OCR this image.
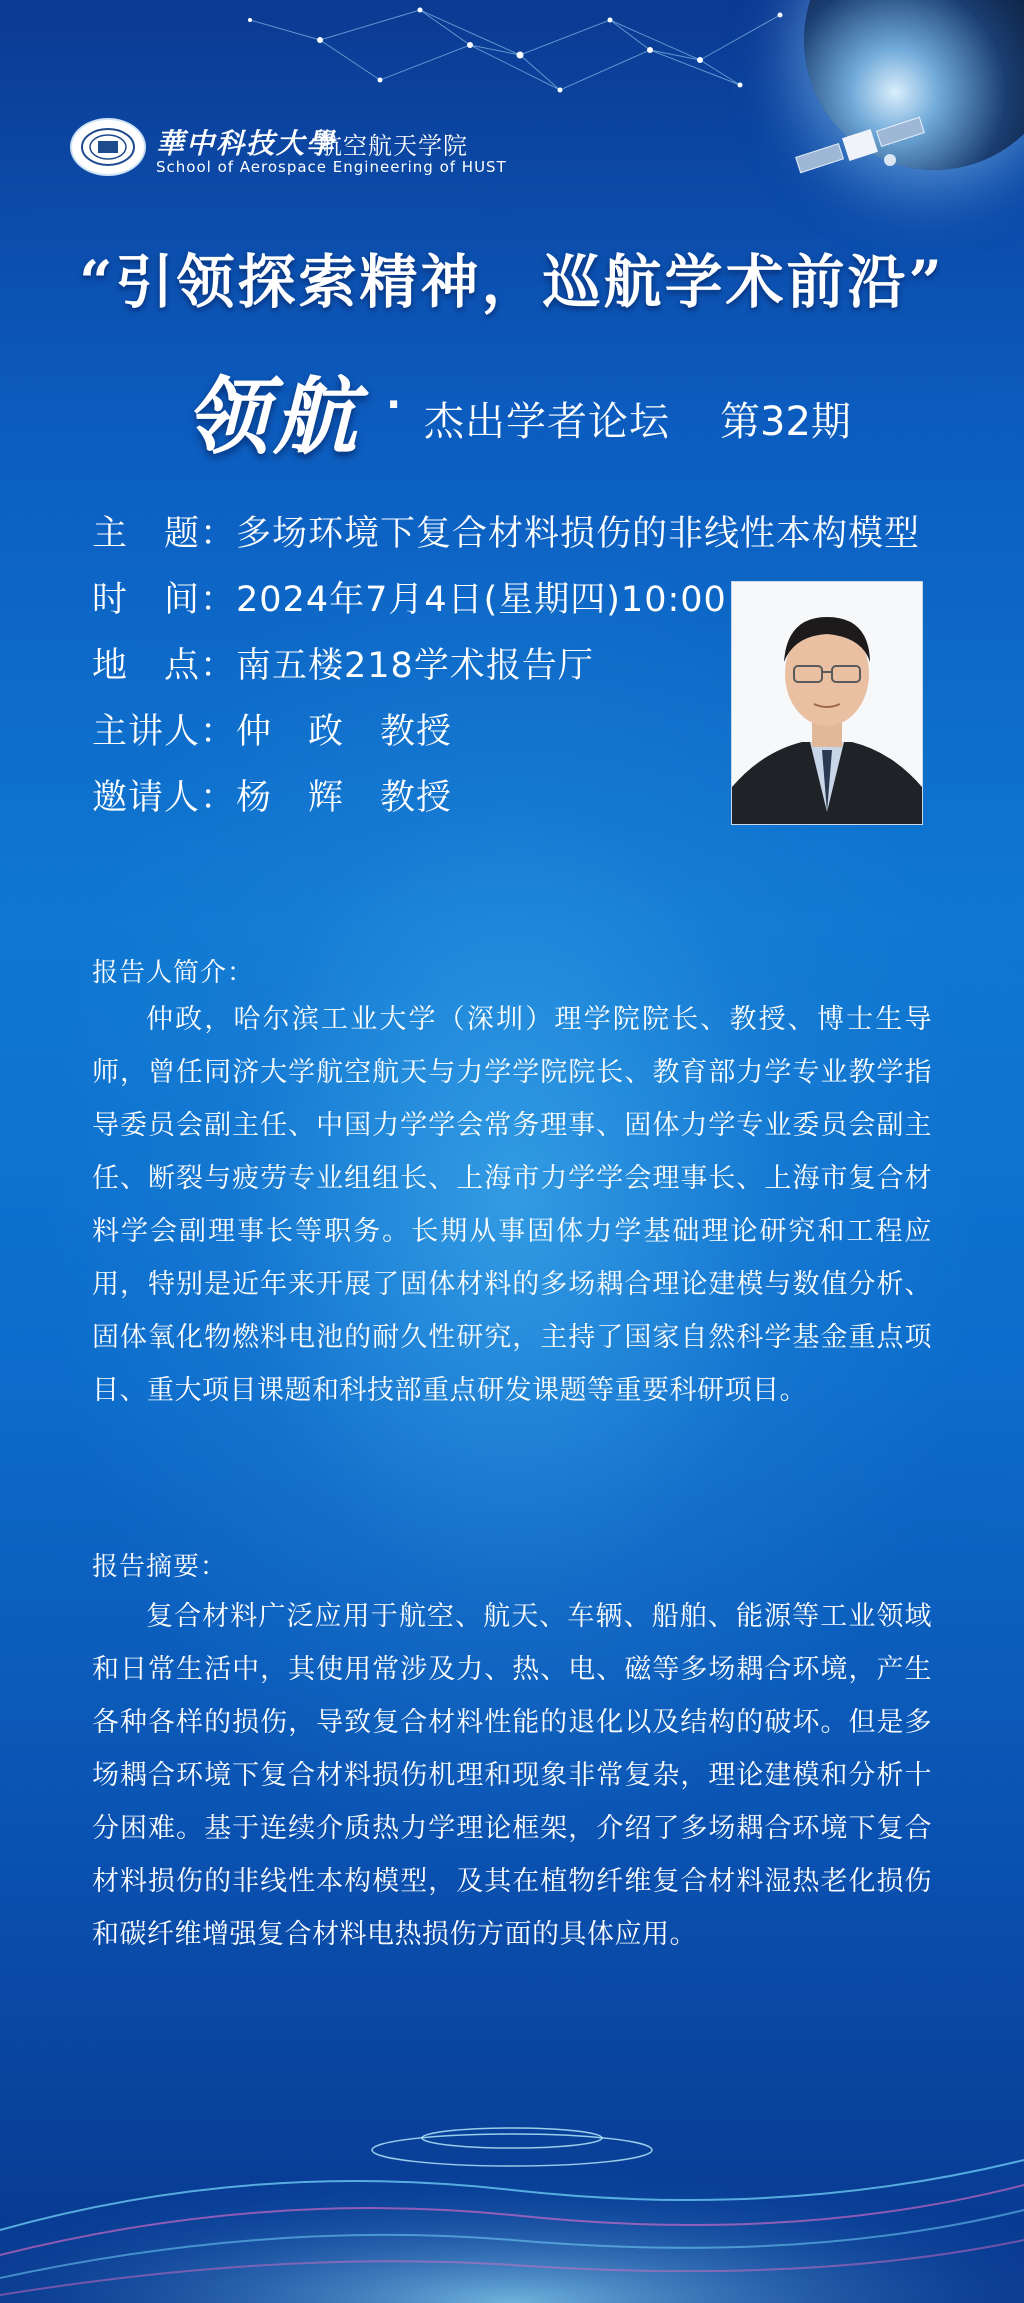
華中科技大學
航空航天学院
School of Aerospace Engineering of HUST
“引领探索精神，巡航学术前沿”
领航 · 杰出学者论坛 第32期
主　题：多场环境下复合材料损伤的非线性本构模型
时　间：2024年7月4日(星期四)10:00
地　点：南五楼218学术报告厅
主讲人：仲　政　教授
邀请人：杨　辉　教授
报告人简介：
仲政，哈尔滨工业大学（深圳）理学院院长、教授、博士生导师，曾任同济大学航空航天与力学学院院长、教育部力学专业教学指导委员会副主任、中国力学学会常务理事、固体力学专业委员会副主任、断裂与疲劳专业组组长、上海市力学学会理事长、上海市复合材料学会副理事长等职务。长期从事固体力学基础理论研究和工程应用，特别是近年来开展了固体材料的多场耦合理论建模与数值分析、固体氧化物燃料电池的耐久性研究，主持了国家自然科学基金重点项目、重大项目课题和科技部重点研发课题等重要科研项目。
报告摘要：
复合材料广泛应用于航空、航天、车辆、船舶、能源等工业领域和日常生活中，其使用常涉及力、热、电、磁等多场耦合环境，产生各种各样的损伤，导致复合材料性能的退化以及结构的破坏。但是多场耦合环境下复合材料损伤机理和现象非常复杂，理论建模和分析十分困难。基于连续介质热力学理论框架，介绍了多场耦合环境下复合材料损伤的非线性本构模型，及其在植物纤维复合材料湿热老化损伤和碳纤维增强复合材料电热损伤方面的具体应用。
